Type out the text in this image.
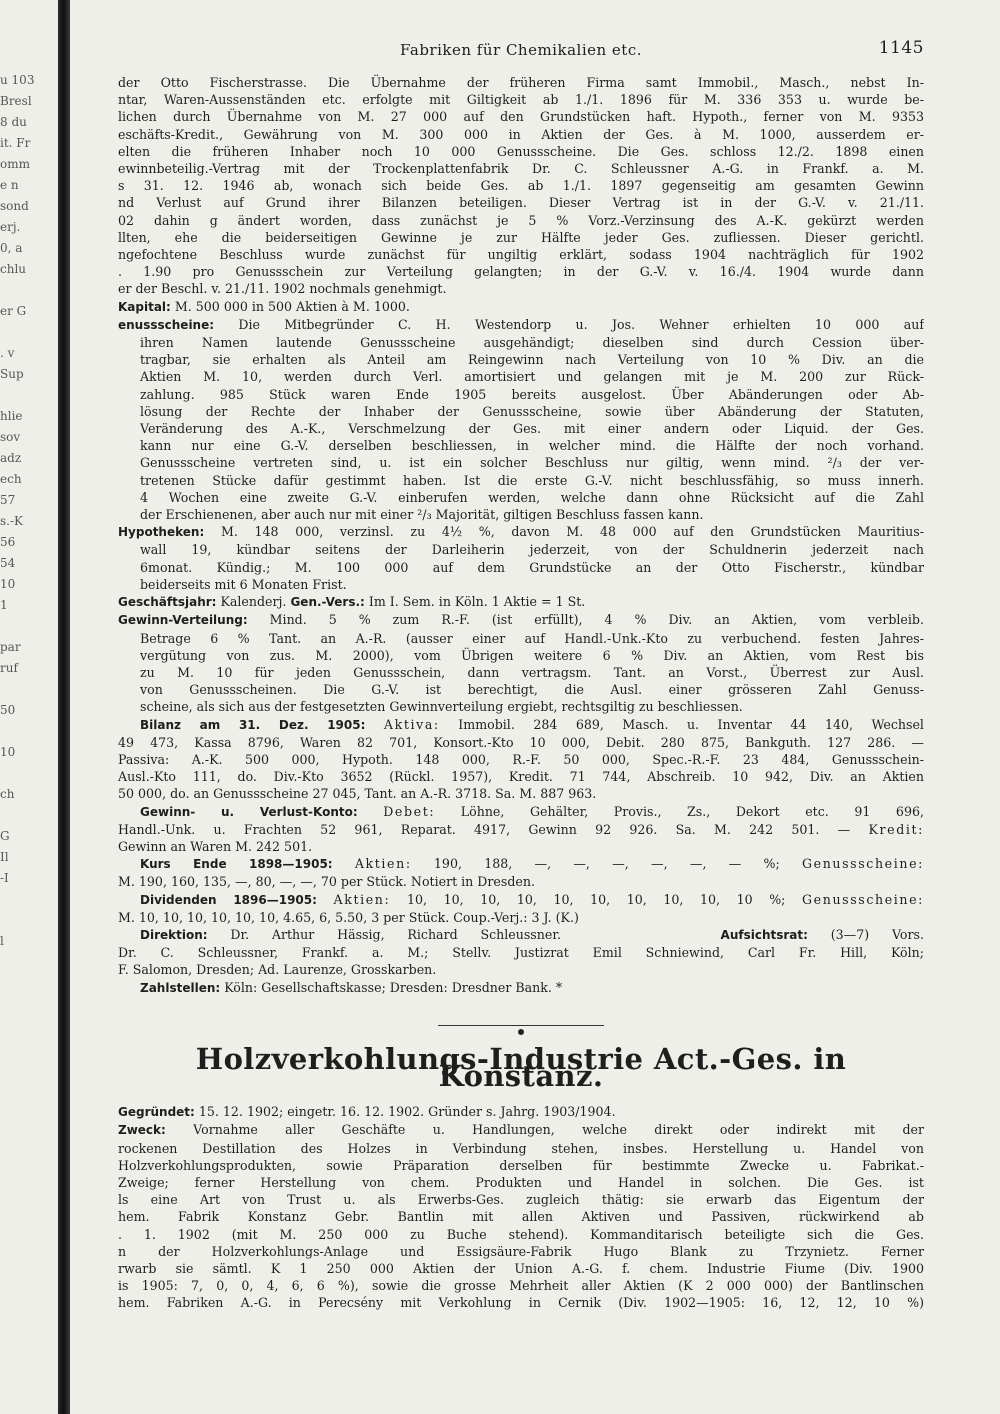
u 103
Bresl
8 du
it. Fr
omm
e n
sond
erj.
0, a
chlu

er G

. v
Sup

hlie
sov
adz
ech
57
s.-K
56
54
10
1

par
ruf

50

10

ch

G
Il
-I

l

Fabriken für Chemikalien etc.	1145

der Otto Fischerstrasse. Die Übernahme der früheren Firma samt Immobil., Masch., nebst In-

ntar, Waren-Aussenständen etc. erfolgte mit Giltigkeit ab 1./1. 1896 für M. 336 353 u. wurde be-

lichen durch Übernahme von M. 27 000 auf den Grundstücken haft. Hypoth., ferner von M. 9353

eschäfts-Kredit., Gewährung von M. 300 000 in Aktien der Ges. à M. 1000, ausserdem er-

elten die früheren Inhaber noch 10 000 Genussscheine. Die Ges. schloss 12./2. 1898 einen

ewinnbeteilig.-Vertrag mit der Trockenplattenfabrik Dr. C. Schleussner A.-G. in Frankf. a. M.

s 31. 12. 1946 ab, wonach sich beide Ges. ab 1./1. 1897 gegenseitig am gesamten Gewinn

nd Verlust auf Grund ihrer Bilanzen beteiligen. Dieser Vertrag ist in der G.-V. v. 21./11.

02 dahin g ändert worden, dass zunächst je 5 % Vorz.-Verzinsung des A.-K. gekürzt werden

llten, ehe die beiderseitigen Gewinne je zur Hälfte jeder Ges. zufliessen. Dieser gerichtl.

ngefochtene Beschluss wurde zunächst für ungiltig erklärt, sodass 1904 nachträglich für 1902

. 1.90 pro Genussschein zur Verteilung gelangten; in der G.-V. v. 16./4. 1904 wurde dann

er der Beschl. v. 21./11. 1902 nochmals genehmigt.

Kapital: M. 500 000 in 500 Aktien à M. 1000.

enussscheine: Die Mitbegründer C. H. Westendorp u. Jos. Wehner erhielten 10 000 auf

ihren Namen lautende Genussscheine ausgehändigt; dieselben sind durch Cession über-

tragbar, sie erhalten als Anteil am Reingewinn nach Verteilung von 10 % Div. an die

Aktien M. 10, werden durch Verl. amortisiert und gelangen mit je M. 200 zur Rück-

zahlung. 985 Stück waren Ende 1905 bereits ausgelost. Über Abänderungen oder Ab-

lösung der Rechte der Inhaber der Genussscheine, sowie über Abänderung der Statuten,

Veränderung des A.-K., Verschmelzung der Ges. mit einer andern oder Liquid. der Ges.

kann nur eine G.-V. derselben beschliessen, in welcher mind. die Hälfte der noch vorhand.

Genussscheine vertreten sind, u. ist ein solcher Beschluss nur giltig, wenn mind. ²/₃ der ver-

tretenen Stücke dafür gestimmt haben. Ist die erste G.-V. nicht beschlussfähig, so muss innerh.

4 Wochen eine zweite G.-V. einberufen werden, welche dann ohne Rücksicht auf die Zahl

der Erschienenen, aber auch nur mit einer ²/₃ Majorität, giltigen Beschluss fassen kann.

Hypotheken: M. 148 000, verzinsl. zu 4½ %, davon M. 48 000 auf den Grundstücken Mauritius-

wall 19, kündbar seitens der Darleiherin jederzeit, von der Schuldnerin jederzeit nach

6monat. Kündig.; M. 100 000 auf dem Grundstücke an der Otto Fischerstr., kündbar

beiderseits mit 6 Monaten Frist.

Geschäftsjahr: Kalenderj. Gen.-Vers.: Im I. Sem. in Köln. 1 Aktie = 1 St.

Gewinn-Verteilung: Mind. 5 % zum R.-F. (ist erfüllt), 4 % Div. an Aktien, vom verbleib.

Betrage 6 % Tant. an A.-R. (ausser einer auf Handl.-Unk.-Kto zu verbuchend. festen Jahres-

vergütung von zus. M. 2000), vom Übrigen weitere 6 % Div. an Aktien, vom Rest bis

zu M. 10 für jeden Genussschein, dann vertragsm. Tant. an Vorst., Überrest zur Ausl.

von Genussscheinen. Die G.-V. ist berechtigt, die Ausl. einer grösseren Zahl Genuss-

scheine, als sich aus der festgesetzten Gewinnverteilung ergiebt, rechtsgiltig zu beschliessen.

Bilanz am 31. Dez. 1905: Aktiva: Immobil. 284 689, Masch. u. Inventar 44 140, Wechsel

49 473, Kassa 8796, Waren 82 701, Konsort.-Kto 10 000, Debit. 280 875, Bankguth. 127 286. —

Passiva: A.-K. 500 000, Hypoth. 148 000, R.-F. 50 000, Spec.-R.-F. 23 484, Genussschein-

Ausl.-Kto 111, do. Div.-Kto 3652 (Rückl. 1957), Kredit. 71 744, Abschreib. 10 942, Div. an Aktien

50 000, do. an Genussscheine 27 045, Tant. an A.-R. 3718. Sa. M. 887 963.

Gewinn- u. Verlust-Konto: Debet: Löhne, Gehälter, Provis., Zs., Dekort etc. 91 696,

Handl.-Unk. u. Frachten 52 961, Reparat. 4917, Gewinn 92 926. Sa. M. 242 501. — Kredit:

Gewinn an Waren M. 242 501.

Kurs Ende 1898—1905: Aktien: 190, 188, —, —, —, —, —, — %; Genussscheine:

M. 190, 160, 135, —, 80, —, —, 70 per Stück. Notiert in Dresden.

Dividenden 1896—1905: Aktien: 10, 10, 10, 10, 10, 10, 10, 10, 10, 10 %; Genussscheine:

M. 10, 10, 10, 10, 10, 10, 4.65, 6, 5.50, 3 per Stück. Coup.-Verj.: 3 J. (K.)

Direktion: Dr. Arthur Hässig, Richard Schleussner.	Aufsichtsrat: (3—7) Vors.

Dr. C. Schleussner, Frankf. a. M.; Stellv. Justizrat Emil Schniewind, Carl Fr. Hill, Köln;

F. Salomon, Dresden; Ad. Laurenze, Grosskarben.

Zahlstellen: Köln: Gesellschaftskasse; Dresden: Dresdner Bank. *

Holzverkohlungs-Industrie Act.-Ges. in Konstanz.

Gegründet: 15. 12. 1902; eingetr. 16. 12. 1902. Gründer s. Jahrg. 1903/1904.

Zweck: Vornahme aller Geschäfte u. Handlungen, welche direkt oder indirekt mit der

rockenen Destillation des Holzes in Verbindung stehen, insbes. Herstellung u. Handel von

Holzverkohlungsprodukten, sowie Präparation derselben für bestimmte Zwecke u. Fabrikat.-

Zweige; ferner Herstellung von chem. Produkten und Handel in solchen. Die Ges. ist

ls eine Art von Trust u. als Erwerbs-Ges. zugleich thätig: sie erwarb das Eigentum der

hem. Fabrik Konstanz Gebr. Bantlin mit allen Aktiven und Passiven, rückwirkend ab

. 1. 1902 (mit M. 250 000 zu Buche stehend). Kommanditarisch beteiligte sich die Ges.

n der Holzverkohlungs-Anlage und Essigsäure-Fabrik Hugo Blank zu Trzynietz. Ferner

rwarb sie sämtl. K 1 250 000 Aktien der Union A.-G. f. chem. Industrie Fiume (Div. 1900

is 1905: 7, 0, 0, 4, 6, 6 %), sowie die grosse Mehrheit aller Aktien (K 2 000 000) der Bantlinschen

hem. Fabriken A.-G. in Perecsény mit Verkohlung in Cernik (Div. 1902—1905: 16, 12, 12, 10 %)
